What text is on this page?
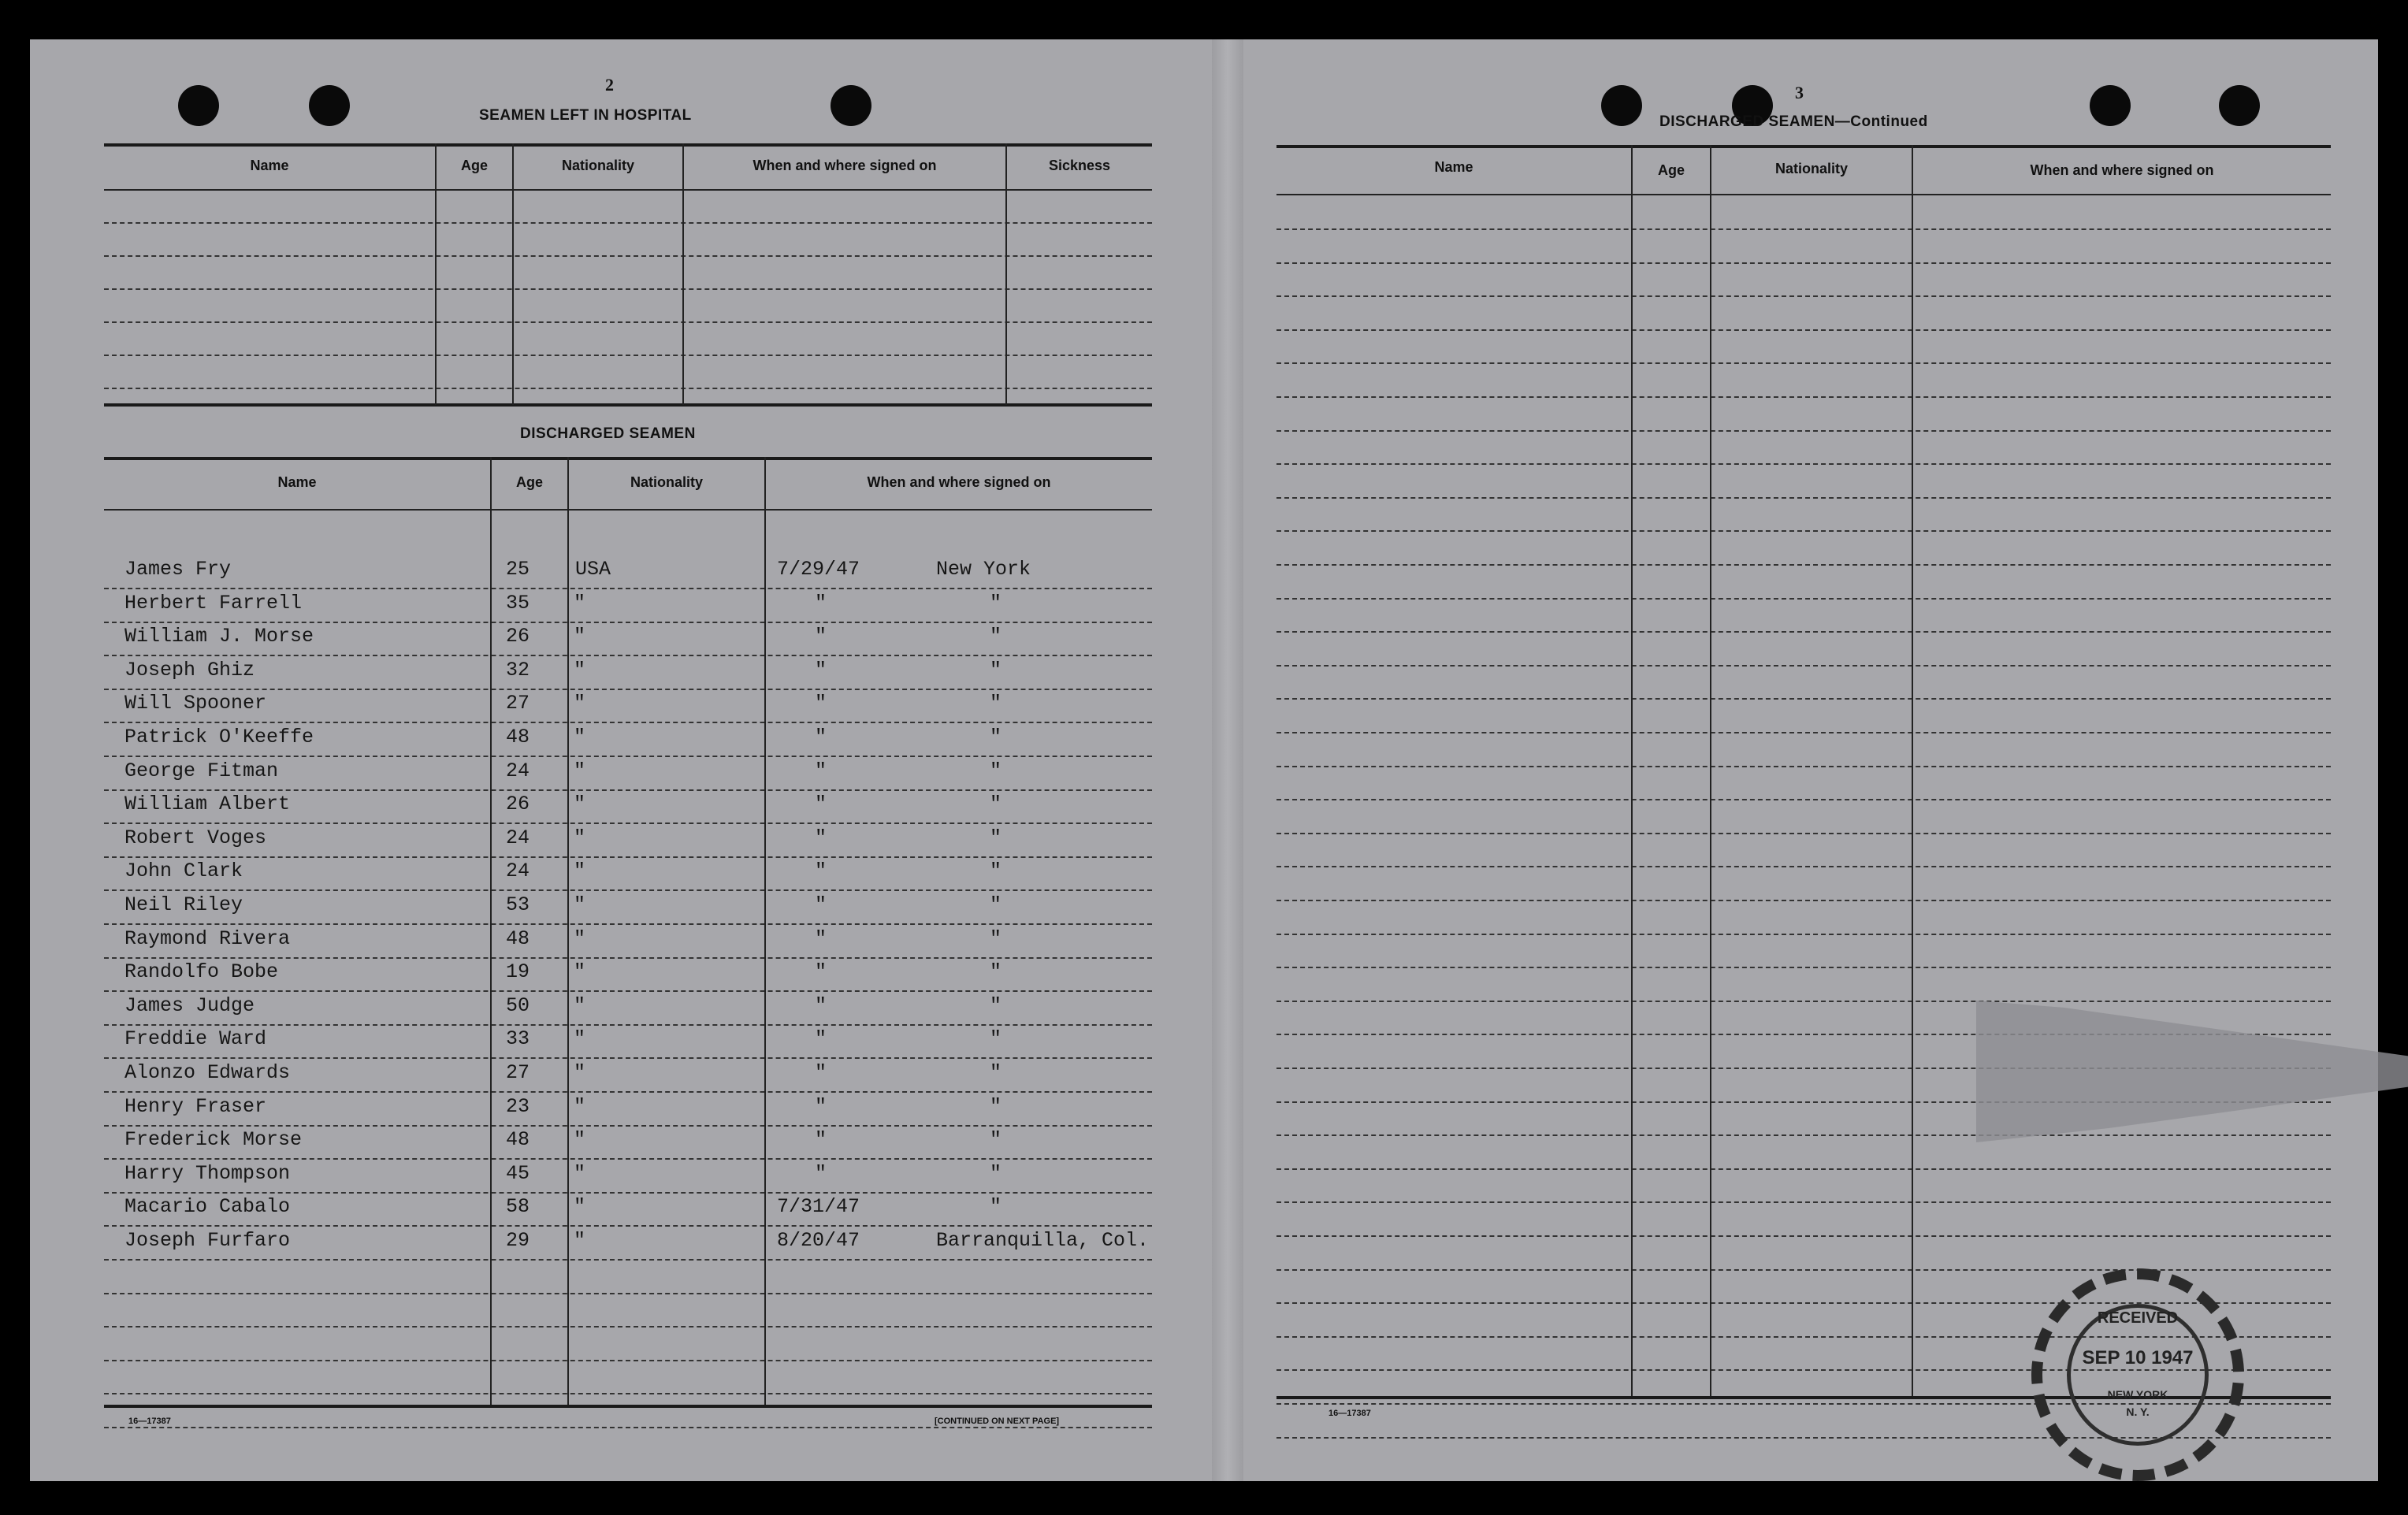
2
SEAMEN LEFT IN HOSPITAL
Name	Age	Nationality	When and where signed on	Sickness
DISCHARGED SEAMEN
Name	Age	Nationality	When and where signed on
James Fry	25	USA	7/29/47	New York
Herbert Farrell	35	"	"	"
William J. Morse	26	"	"	"
Joseph Ghiz	32	"	"	"
Will Spooner	27	"	"	"
Patrick O'Keeffe	48	"	"	"
George Fitman	24	"	"	"
William Albert	26	"	"	"
Robert Voges	24	"	"	"
John Clark	24	"	"	"
Neil Riley	53	"	"	"
Raymond Rivera	48	"	"	"
Randolfo Bobe	19	"	"	"
James Judge	50	"	"	"
Freddie Ward	33	"	"	"
Alonzo Edwards	27	"	"	"
Henry Fraser	23	"	"	"
Frederick Morse	48	"	"	"
Harry Thompson	45	"	"	"
Macario Cabalo	58	"	7/31/47	"
Joseph Furfaro	29	"	8/20/47	Barranquilla, Col.
16—17387	[CONTINUED ON NEXT PAGE]
3
DISCHARGED SEAMEN—Continued
Name	Age	Nationality	When and where signed on
16—17387
RECEIVED
SEP 10 1947
NEW YORK
N. Y.
